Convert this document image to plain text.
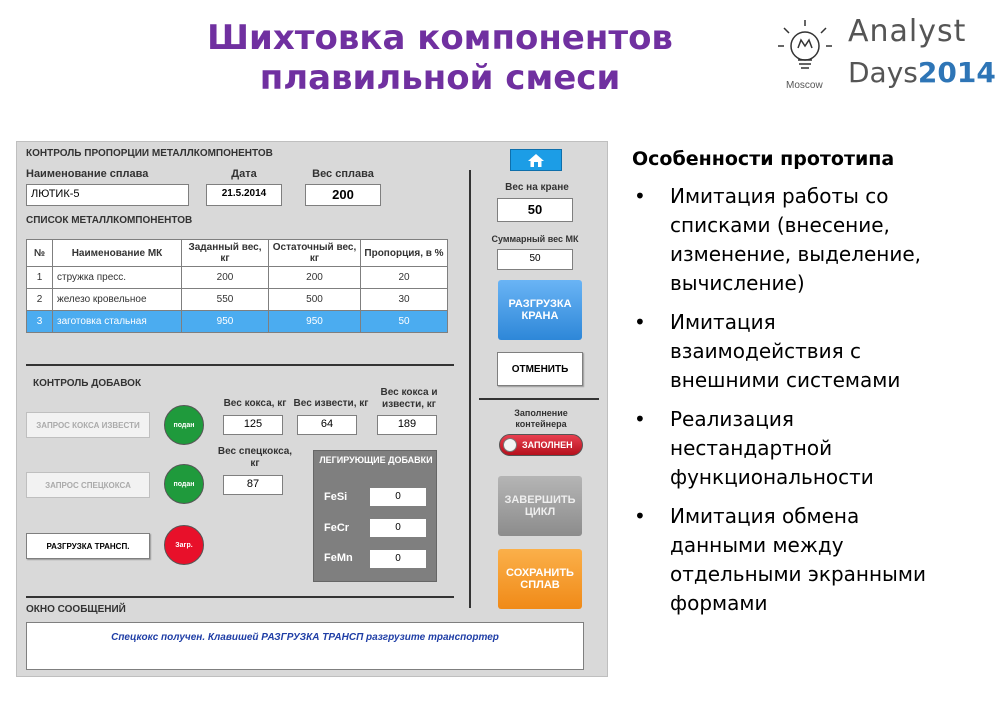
Шихтовка компонентов
плавильной смеси	Moscow
Analyst
Days2014
КОНТРОЛЬ ПРОПОРЦИИ МЕТАЛЛКОМПОНЕНТОВ
Наименование сплава
ЛЮТИК-5
Дата
21.5.2014
Вес сплава
200
СПИСОК МЕТАЛЛКОМПОНЕНТОВ
№	Наименование МК	Заданный вес, кг	Остаточный вес, кг	Пропорция, в %
1	стружка пресс.	200	200	20
2	железо кровельное	550	500	30
3	заготовка стальная	950	950	50
Вес на кране
50
Суммарный вес МК
50
РАЗГРУЗКА КРАНА
ОТМЕНИТЬ
Заполнение контейнера
ЗАПОЛНЕН
ЗАВЕРШИТЬ ЦИКЛ
СОХРАНИТЬ СПЛАВ
КОНТРОЛЬ ДОБАВОК
ЗАПРОС КОКСА ИЗВЕСТИ
ЗАПРОС СПЕЦКОКСА
РАЗГРУЗКА ТРАНСП.
подан
подан
Загр.
Вес кокса, кг
125
Вес извести, кг
64
Вес кокса и извести, кг
189
Вес спецкокса, кг
87
ЛЕГИРУЮЩИЕ ДОБАВКИ
FeSi	0
FeCr	0
FeMn	0
ОКНО СООБЩЕНИЙ
Спецкокс получен. Клавишей РАЗГРУЗКА ТРАНСП разгрузите транспортер
Особенности прототипа
• Имитация работы со списками (внесение, изменение, выделение, вычисление)
• Имитация взаимодействия с внешними системами
• Реализация нестандартной функциональности
• Имитация обмена данными между отдельными экранными формами
